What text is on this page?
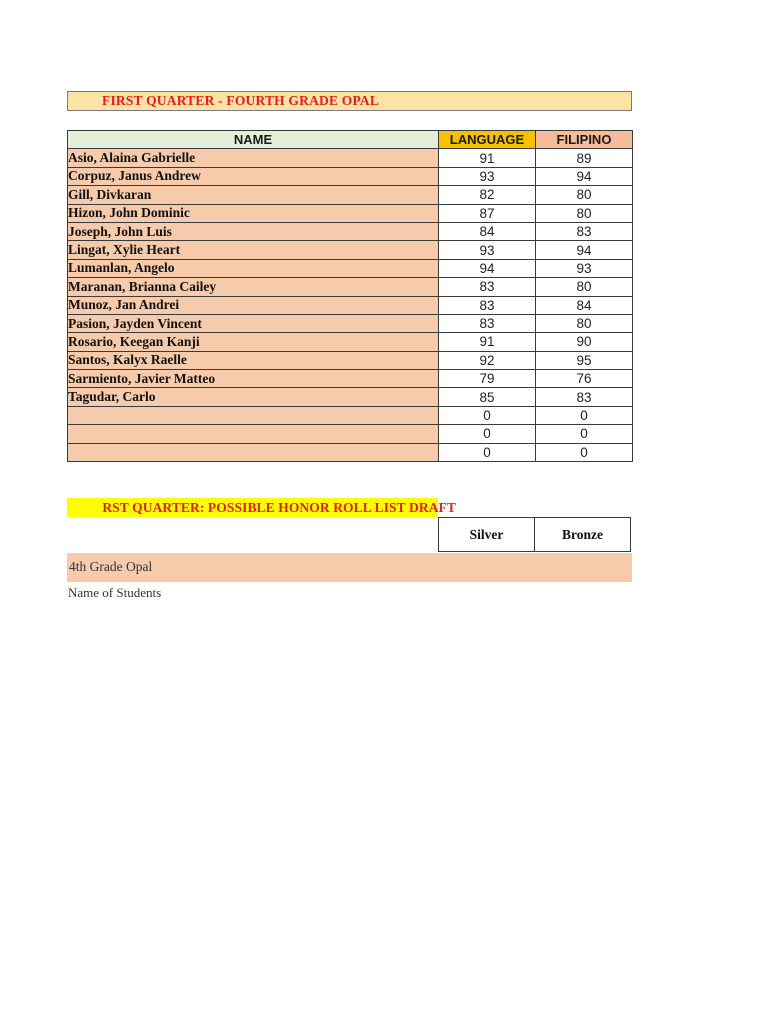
FIRST QUARTER - FOURTH GRADE OPAL
NAME	LANGUAGE	FILIPINO
Asio, Alaina Gabrielle	91	89
Corpuz, Janus Andrew	93	94
Gill, Divkaran	82	80
Hizon, John Dominic	87	80
Joseph, John Luis	84	83
Lingat, Xylie Heart	93	94
Lumanlan, Angelo	94	93
Maranan, Brianna Cailey	83	80
Munoz, Jan Andrei	83	84
Pasion, Jayden Vincent	83	80
Rosario, Keegan Kanji	91	90
Santos, Kalyx Raelle	92	95
Sarmiento, Javier Matteo	79	76
Tagudar, Carlo	85	83
	0	0
	0	0
	0	0
RST QUARTER: POSSIBLE HONOR ROLL LIST DRAFT
Silver	Bronze
4th Grade Opal
Name of Students
